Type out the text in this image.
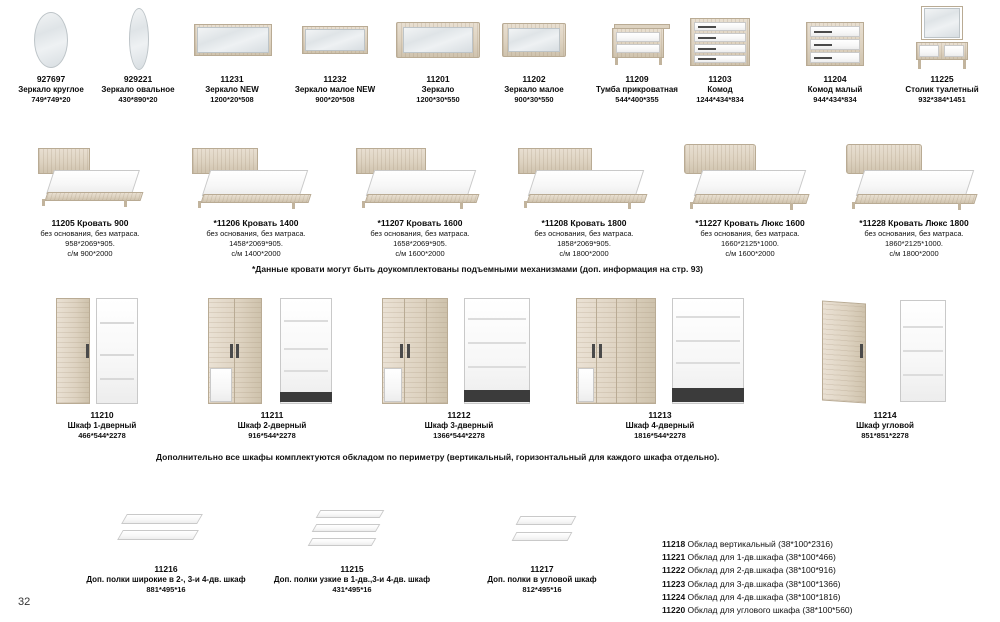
927697
Зеркало круглое
749*749*20
929221
Зеркало овальное
430*890*20
11231
Зеркало NEW
1200*20*508
11232
Зеркало малое NEW
900*20*508
11201
Зеркало
1200*30*550
11202
Зеркало малое
900*30*550
11209
Тумба прикроватная
544*400*355
11203
Комод
1244*434*834
11204
Комод малый
944*434*834
11225
Столик туалетный
932*384*1451
11205 Кровать 900
без основания, без матраса.
958*2069*905.
с/м 900*2000
*11206 Кровать 1400
без основания, без матраса.
1458*2069*905.
с/м 1400*2000
*11207 Кровать 1600
без основания, без матраса.
1658*2069*905.
с/м 1600*2000
*11208 Кровать 1800
без основания, без матраса.
1858*2069*905.
с/м 1800*2000
*11227 Кровать Люкс 1600
без основания, без матраса.
1660*2125*1000.
с/м 1600*2000
*11228 Кровать Люкс 1800
без основания, без матраса.
1860*2125*1000.
с/м 1800*2000
*Данные кровати могут быть доукомплектованы подъемными механизмами (доп. информация на стр. 93)
11210
Шкаф 1-дверный
466*544*2278
11211
Шкаф 2-дверный
916*544*2278
11212
Шкаф 3-дверный
1366*544*2278
11213
Шкаф 4-дверный
1816*544*2278
11214
Шкаф угловой
851*851*2278
Дополнительно все шкафы комплектуются обкладом по периметру (вертикальный, горизонтальный для каждого шкафа отдельно).
11216
Доп. полки широкие в 2-, 3-и 4-дв. шкаф
881*495*16
11215
Доп. полки узкие в 1-дв.,3-и 4-дв. шкаф
431*495*16
11217
Доп. полки в угловой шкаф
812*495*16
11218 Обклад вертикальный (38*100*2316)
11221 Обклад для 1-дв.шкафа (38*100*466)
11222 Обклад для 2-дв.шкафа (38*100*916)
11223 Обклад для 3-дв.шкафа (38*100*1366)
11224 Обклад для 4-дв.шкафа (38*100*1816)
11220 Обклад для углового шкафа (38*100*560)
32
